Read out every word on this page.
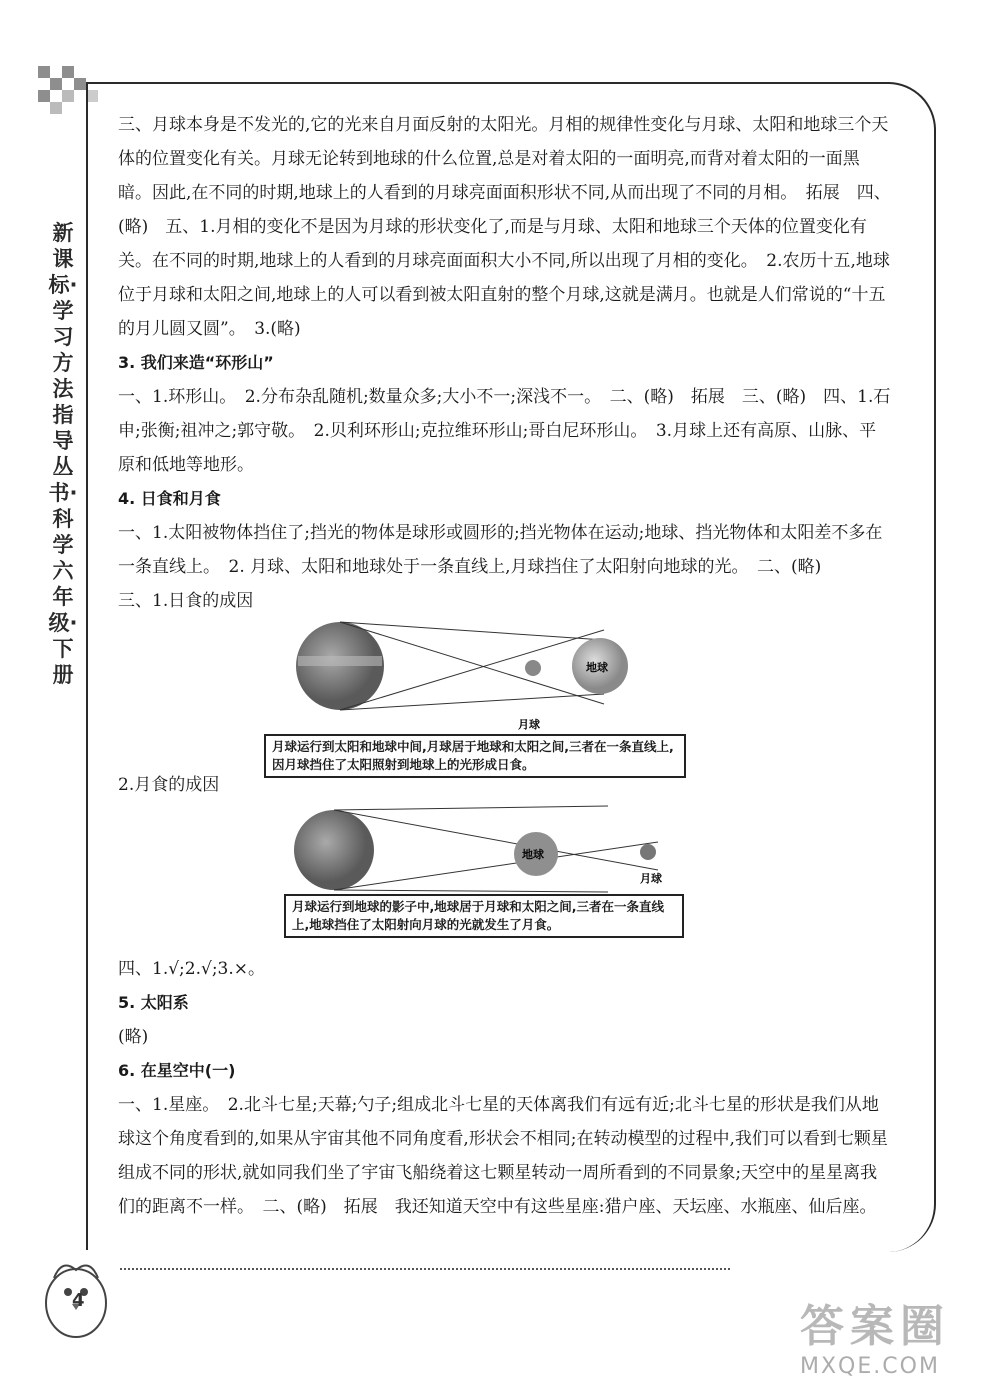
新课标·学习方法指导丛书·科学六年级·下册

三、月球本身是不发光的,它的光来自月面反射的太阳光。月相的规律性变化与月球、太阳和地球三个天体的位置变化有关。月球无论转到地球的什么位置,总是对着太阳的一面明亮,而背对着太阳的一面黑暗。因此,在不同的时期,地球上的人看到的月球亮面面积形状不同,从而出现了不同的月相。　拓展　四、(略)　五、1.月相的变化不是因为月球的形状变化了,而是与月球、太阳和地球三个天体的位置变化有关。在不同的时期,地球上的人看到的月球亮面面积大小不同,所以出现了月相的变化。　2.农历十五,地球位于月球和太阳之间,地球上的人可以看到被太阳直射的整个月球,这就是满月。也就是人们常说的“十五的月儿圆又圆”。　3.(略)

3. 我们来造“环形山”

一、1.环形山。　2.分布杂乱随机;数量众多;大小不一;深浅不一。　二、(略)　拓展　三、(略)　四、1.石申;张衡;祖冲之;郭守敬。　2.贝利环形山;克拉维环形山;哥白尼环形山。　3.月球上还有高原、山脉、平原和低地等地形。

4. 日食和月食

一、1.太阳被物体挡住了;挡光的物体是球形或圆形的;挡光物体在运动;地球、挡光物体和太阳差不多在一条直线上。　2. 月球、太阳和地球处于一条直线上,月球挡住了太阳射向地球的光。　二、(略)

三、1.日食的成因

地球
月球
月球运行到太阳和地球中间,月球居于地球和太阳之间,三者在一条直线上,因月球挡住了太阳照射到地球上的光形成日食。

2.月食的成因

地球
月球
月球运行到地球的影子中,地球居于月球和太阳之间,三者在一条直线上,地球挡住了太阳射向月球的光就发生了月食。

四、1.√;2.√;3.×。

5. 太阳系

(略)

6. 在星空中(一)

一、1.星座。　2.北斗七星;天幕;勺子;组成北斗七星的天体离我们有远有近;北斗七星的形状是我们从地球这个角度看到的,如果从宇宙其他不同角度看,形状会不相同;在转动模型的过程中,我们可以看到七颗星组成不同的形状,就如同我们坐了宇宙飞船绕着这七颗星转动一周所看到的不同景象;天空中的星星离我们的距离不一样。　二、(略)　拓展　我还知道天空中有这些星座:猎户座、天坛座、水瓶座、仙后座。

4
答案圈
MXQE.COM
